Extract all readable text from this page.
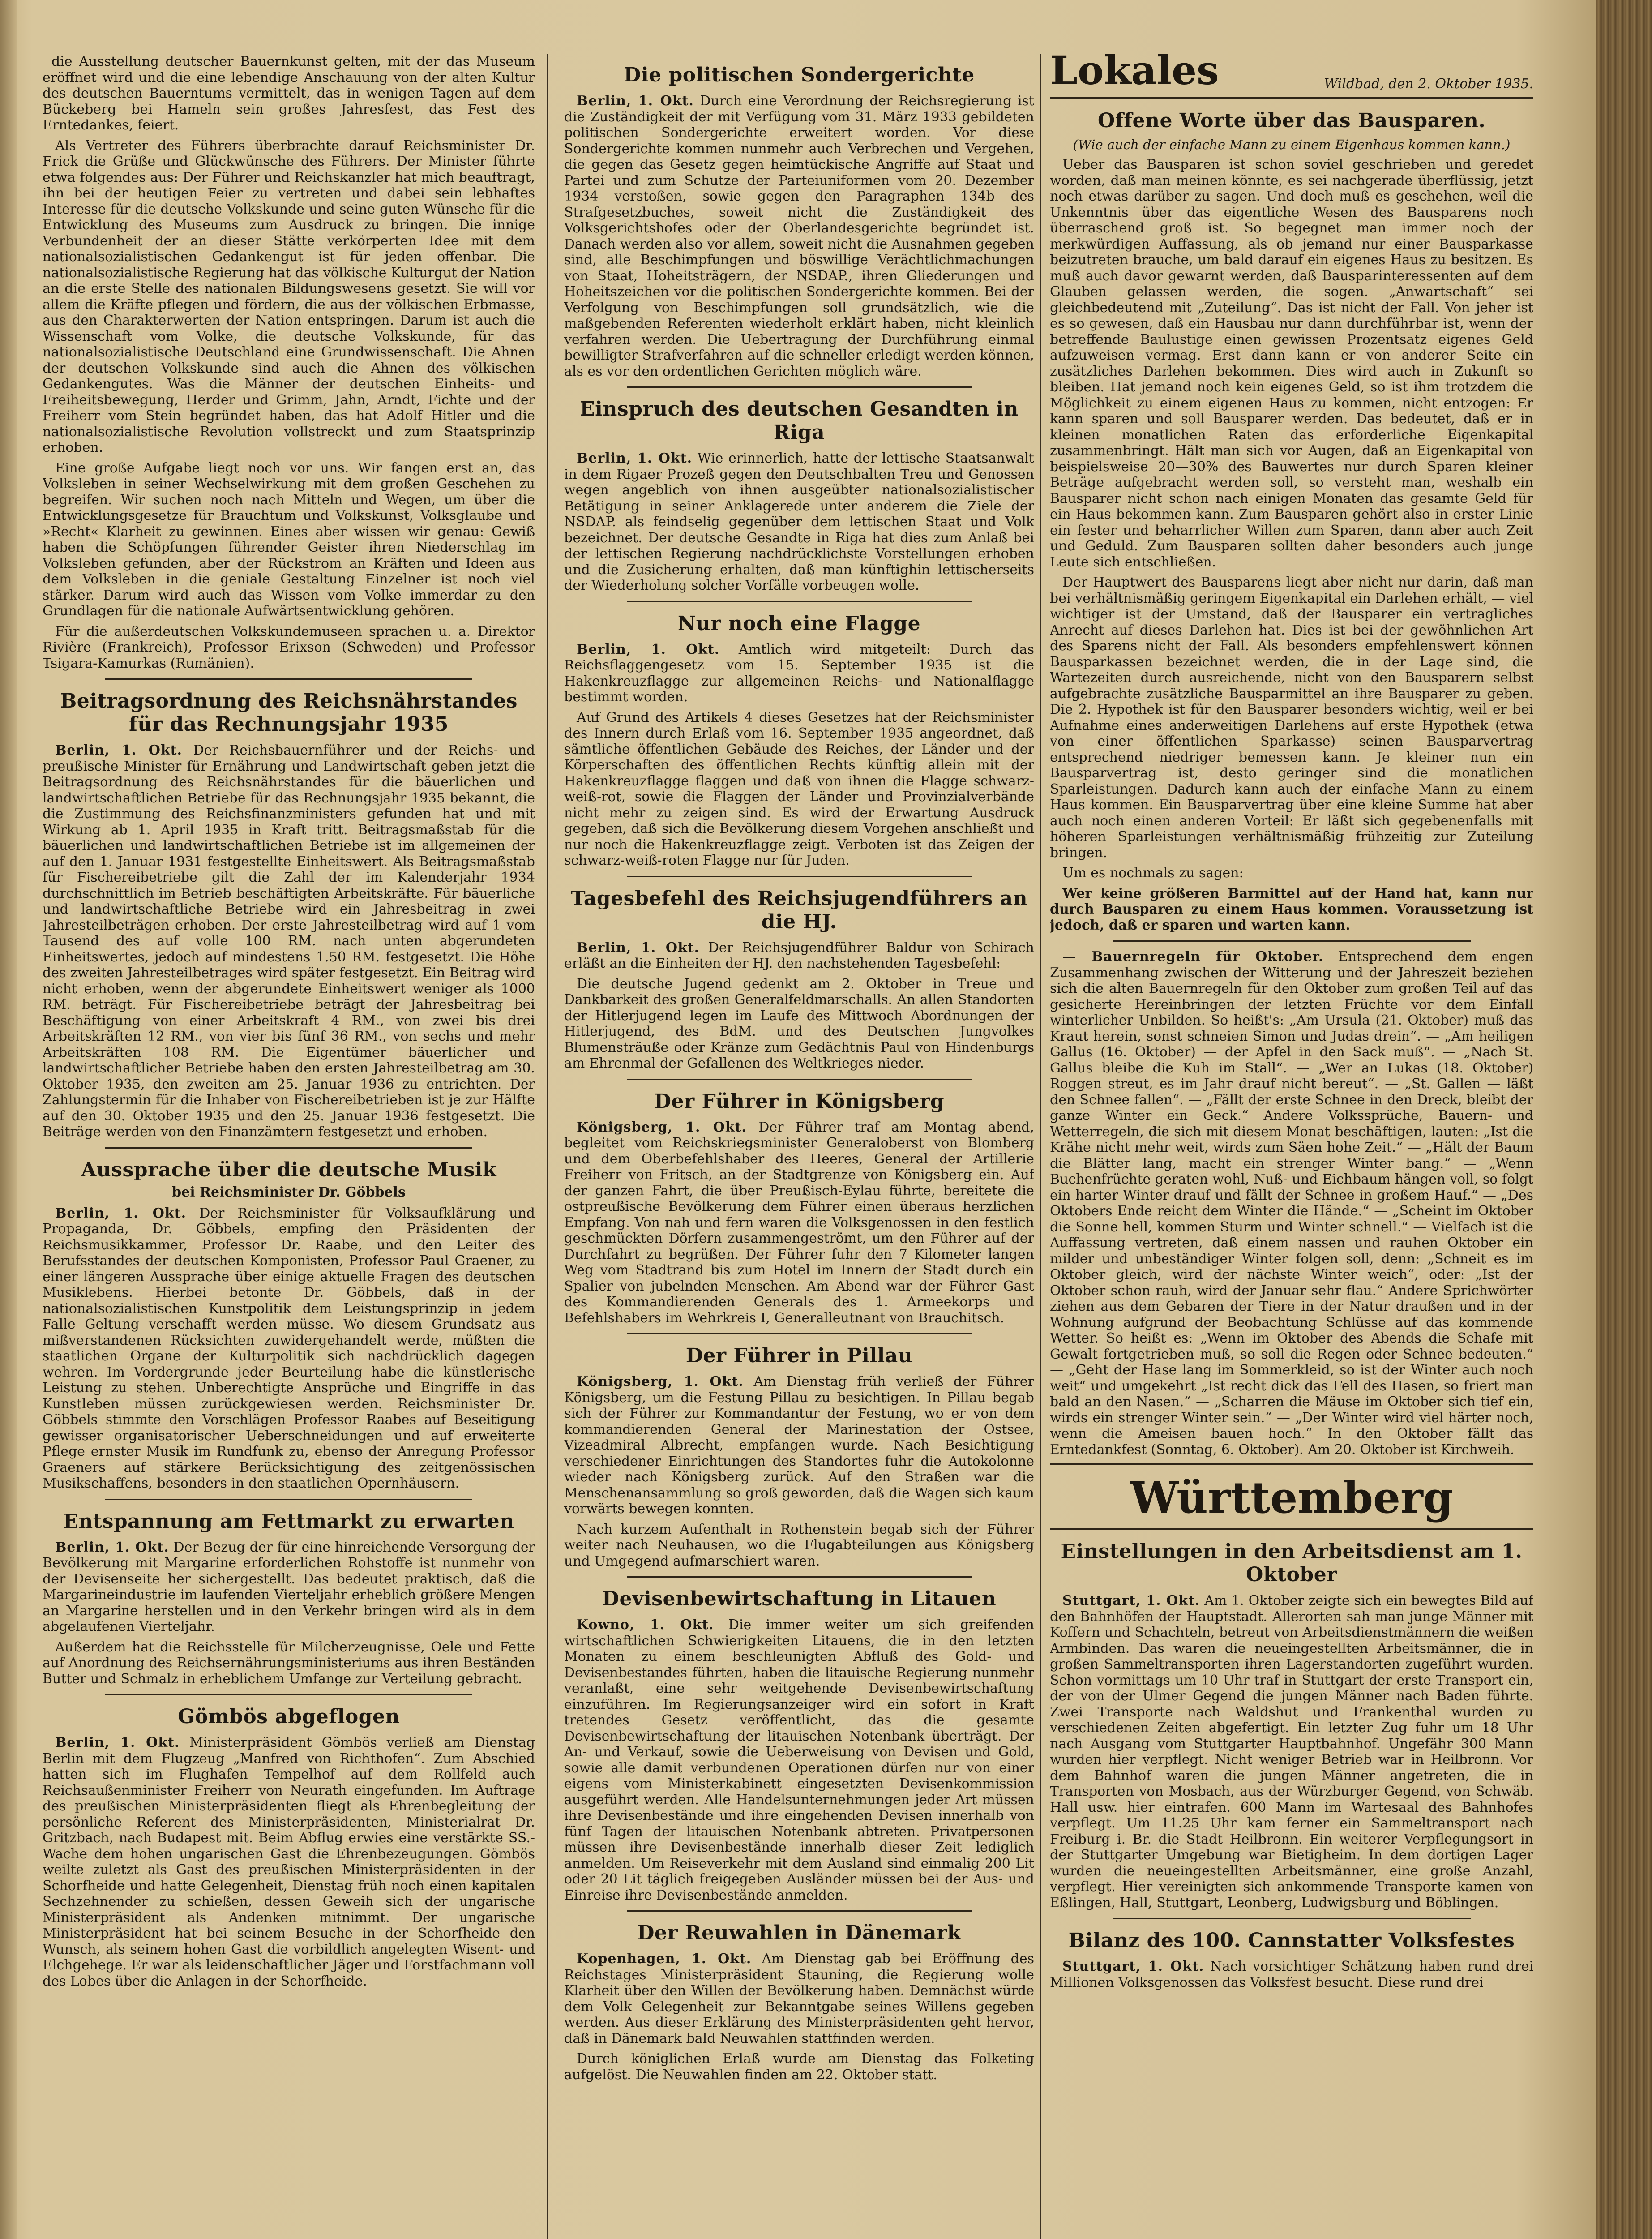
die Ausstellung deutscher Bauernkunst gelten, mit der das Museum eröffnet wird und die eine lebendige Anschauung von der alten Kultur des deutschen Bauerntums vermittelt, das in wenigen Tagen auf dem Bückeberg bei Hameln sein großes Jahresfest, das Fest des Erntedankes, feiert.

Als Vertreter des Führers überbrachte darauf Reichsminister Dr. Frick die Grüße und Glückwünsche des Führers. Der Minister führte etwa folgendes aus: Der Führer und Reichskanzler hat mich beauftragt, ihn bei der heutigen Feier zu vertreten und dabei sein lebhaftes Interesse für die deutsche Volkskunde und seine guten Wünsche für die Entwicklung des Museums zum Ausdruck zu bringen. Die innige Verbundenheit der an dieser Stätte verkörperten Idee mit dem nationalsozialistischen Gedankengut ist für jeden offenbar. Die nationalsozialistische Regierung hat das völkische Kulturgut der Nation an die erste Stelle des nationalen Bildungswesens gesetzt. Sie will vor allem die Kräfte pflegen und fördern, die aus der völkischen Erbmasse, aus den Charakterwerten der Nation entspringen. Darum ist auch die Wissenschaft vom Volke, die deutsche Volkskunde, für das nationalsozialistische Deutschland eine Grundwissenschaft. Die Ahnen der deutschen Volkskunde sind auch die Ahnen des völkischen Gedankengutes. Was die Männer der deutschen Einheits- und Freiheitsbewegung, Herder und Grimm, Jahn, Arndt, Fichte und der Freiherr vom Stein begründet haben, das hat Adolf Hitler und die nationalsozialistische Revolution vollstreckt und zum Staatsprinzip erhoben.

Eine große Aufgabe liegt noch vor uns. Wir fangen erst an, das Volksleben in seiner Wechselwirkung mit dem großen Geschehen zu begreifen. Wir suchen noch nach Mitteln und Wegen, um über die Entwicklungsgesetze für Brauchtum und Volkskunst, Volksglaube und »Recht« Klarheit zu gewinnen. Eines aber wissen wir genau: Gewiß haben die Schöpfungen führender Geister ihren Niederschlag im Volksleben gefunden, aber der Rückstrom an Kräften und Ideen aus dem Volksleben in die geniale Gestaltung Einzelner ist noch viel stärker. Darum wird auch das Wissen vom Volke immerdar zu den Grundlagen für die nationale Aufwärtsentwicklung gehören.

Für die außerdeutschen Volkskundemuseen sprachen u. a. Direktor Rivière (Frankreich), Professor Erixson (Schweden) und Professor Tsigara-Kamurkas (Rumänien).

Beitragsordnung des Reichsnährstandes für das Rechnungsjahr 1935

Berlin, 1. Okt. Der Reichsbauernführer und der Reichs- und preußische Minister für Ernährung und Landwirtschaft geben jetzt die Beitragsordnung des Reichsnährstandes für die bäuerlichen und landwirtschaftlichen Betriebe für das Rechnungsjahr 1935 bekannt, die die Zustimmung des Reichsfinanzministers gefunden hat und mit Wirkung ab 1. April 1935 in Kraft tritt. Beitragsmaßstab für die bäuerlichen und landwirtschaftlichen Betriebe ist im allgemeinen der auf den 1. Januar 1931 festgestellte Einheitswert. Als Beitragsmaßstab für Fischereibetriebe gilt die Zahl der im Kalenderjahr 1934 durchschnittlich im Betrieb beschäftigten Arbeitskräfte. Für bäuerliche und landwirtschaftliche Betriebe wird ein Jahresbeitrag in zwei Jahresteilbeträgen erhoben. Der erste Jahresteilbetrag wird auf 1 vom Tausend des auf volle 100 RM. nach unten abgerundeten Einheitswertes, jedoch auf mindestens 1.50 RM. festgesetzt. Die Höhe des zweiten Jahresteilbetrages wird später festgesetzt. Ein Beitrag wird nicht erhoben, wenn der abgerundete Einheitswert weniger als 1000 RM. beträgt. Für Fischereibetriebe beträgt der Jahresbeitrag bei Beschäftigung von einer Arbeitskraft 4 RM., von zwei bis drei Arbeitskräften 12 RM., von vier bis fünf 36 RM., von sechs und mehr Arbeitskräften 108 RM. Die Eigentümer bäuerlicher und landwirtschaftlicher Betriebe haben den ersten Jahresteilbetrag am 30. Oktober 1935, den zweiten am 25. Januar 1936 zu entrichten. Der Zahlungstermin für die Inhaber von Fischereibetrieben ist je zur Hälfte auf den 30. Oktober 1935 und den 25. Januar 1936 festgesetzt. Die Beiträge werden von den Finanzämtern festgesetzt und erhoben.

Aussprache über die deutsche Musik
bei Reichsminister Dr. Göbbels

Berlin, 1. Okt. Der Reichsminister für Volksaufklärung und Propaganda, Dr. Göbbels, empfing den Präsidenten der Reichsmusikkammer, Professor Dr. Raabe, und den Leiter des Berufsstandes der deutschen Komponisten, Professor Paul Graener, zu einer längeren Aussprache über einige aktuelle Fragen des deutschen Musiklebens. Hierbei betonte Dr. Göbbels, daß in der nationalsozialistischen Kunstpolitik dem Leistungsprinzip in jedem Falle Geltung verschafft werden müsse. Wo diesem Grundsatz aus mißverstandenen Rücksichten zuwidergehandelt werde, müßten die staatlichen Organe der Kulturpolitik sich nachdrücklich dagegen wehren. Im Vordergrunde jeder Beurteilung habe die künstlerische Leistung zu stehen. Unberechtigte Ansprüche und Eingriffe in das Kunstleben müssen zurückgewiesen werden. Reichsminister Dr. Göbbels stimmte den Vorschlägen Professor Raabes auf Beseitigung gewisser organisatorischer Ueberschneidungen und auf erweiterte Pflege ernster Musik im Rundfunk zu, ebenso der Anregung Professor Graeners auf stärkere Berücksichtigung des zeitgenössischen Musikschaffens, besonders in den staatlichen Opernhäusern.

Entspannung am Fettmarkt zu erwarten

Berlin, 1. Okt. Der Bezug der für eine hinreichende Versorgung der Bevölkerung mit Margarine erforderlichen Rohstoffe ist nunmehr von der Devisenseite her sichergestellt. Das bedeutet praktisch, daß die Margarineindustrie im laufenden Vierteljahr erheblich größere Mengen an Margarine herstellen und in den Verkehr bringen wird als in dem abgelaufenen Vierteljahr.

Außerdem hat die Reichsstelle für Milcherzeugnisse, Oele und Fette auf Anordnung des Reichsernährungsministeriums aus ihren Beständen Butter und Schmalz in erheblichem Umfange zur Verteilung gebracht.

Gömbös abgeflogen

Berlin, 1. Okt. Ministerpräsident Gömbös verließ am Dienstag Berlin mit dem Flugzeug „Manfred von Richthofen“. Zum Abschied hatten sich im Flughafen Tempelhof auf dem Rollfeld auch Reichsaußenminister Freiherr von Neurath eingefunden. Im Auftrage des preußischen Ministerpräsidenten fliegt als Ehrenbegleitung der persönliche Referent des Ministerpräsidenten, Ministerialrat Dr. Gritzbach, nach Budapest mit. Beim Abflug erwies eine verstärkte SS.-Wache dem hohen ungarischen Gast die Ehrenbezeugungen. Gömbös weilte zuletzt als Gast des preußischen Ministerpräsidenten in der Schorfheide und hatte Gelegenheit, Dienstag früh noch einen kapitalen Sechzehnender zu schießen, dessen Geweih sich der ungarische Ministerpräsident als Andenken mitnimmt. Der ungarische Ministerpräsident hat bei seinem Besuche in der Schorfheide den Wunsch, als seinem hohen Gast die vorbildlich angelegten Wisent- und Elchgehege. Er war als leidenschaftlicher Jäger und Forstfachmann voll des Lobes über die Anlagen in der Schorfheide.

Die politischen Sondergerichte

Berlin, 1. Okt. Durch eine Verordnung der Reichsregierung ist die Zuständigkeit der mit Verfügung vom 31. März 1933 gebildeten politischen Sondergerichte erweitert worden. Vor diese Sondergerichte kommen nunmehr auch Verbrechen und Vergehen, die gegen das Gesetz gegen heimtückische Angriffe auf Staat und Partei und zum Schutze der Parteiuniformen vom 20. Dezember 1934 verstoßen, sowie gegen den Paragraphen 134b des Strafgesetzbuches, soweit nicht die Zuständigkeit des Volksgerichtshofes oder der Oberlandesgerichte begründet ist. Danach werden also vor allem, soweit nicht die Ausnahmen gegeben sind, alle Beschimpfungen und böswillige Verächtlichmachungen von Staat, Hoheitsträgern, der NSDAP., ihren Gliederungen und Hoheitszeichen vor die politischen Sondergerichte kommen. Bei der Verfolgung von Beschimpfungen soll grundsätzlich, wie die maßgebenden Referenten wiederholt erklärt haben, nicht kleinlich verfahren werden. Die Uebertragung der Durchführung einmal bewilligter Strafverfahren auf die schneller erledigt werden können, als es vor den ordentlichen Gerichten möglich wäre.

Einspruch des deutschen Gesandten in Riga

Berlin, 1. Okt. Wie erinnerlich, hatte der lettische Staatsanwalt in dem Rigaer Prozeß gegen den Deutschbalten Treu und Genossen wegen angeblich von ihnen ausgeübter nationalsozialistischer Betätigung in seiner Anklagerede unter anderem die Ziele der NSDAP. als feindselig gegenüber dem lettischen Staat und Volk bezeichnet. Der deutsche Gesandte in Riga hat dies zum Anlaß bei der lettischen Regierung nachdrücklichste Vorstellungen erhoben und die Zusicherung erhalten, daß man künftighin lettischerseits der Wiederholung solcher Vorfälle vorbeugen wolle.

Nur noch eine Flagge

Berlin, 1. Okt. Amtlich wird mitgeteilt: Durch das Reichsflaggengesetz vom 15. September 1935 ist die Hakenkreuzflagge zur allgemeinen Reichs- und Nationalflagge bestimmt worden.

Auf Grund des Artikels 4 dieses Gesetzes hat der Reichsminister des Innern durch Erlaß vom 16. September 1935 angeordnet, daß sämtliche öffentlichen Gebäude des Reiches, der Länder und der Körperschaften des öffentlichen Rechts künftig allein mit der Hakenkreuzflagge flaggen und daß von ihnen die Flagge schwarz-weiß-rot, sowie die Flaggen der Länder und Provinzialverbände nicht mehr zu zeigen sind. Es wird der Erwartung Ausdruck gegeben, daß sich die Bevölkerung diesem Vorgehen anschließt und nur noch die Hakenkreuzflagge zeigt. Verboten ist das Zeigen der schwarz-weiß-roten Flagge nur für Juden.

Tagesbefehl des Reichsjugendführers an die HJ.

Berlin, 1. Okt. Der Reichsjugendführer Baldur von Schirach erläßt an die Einheiten der HJ. den nachstehenden Tagesbefehl:

Die deutsche Jugend gedenkt am 2. Oktober in Treue und Dankbarkeit des großen Generalfeldmarschalls. An allen Standorten der Hitlerjugend legen im Laufe des Mittwoch Abordnungen der Hitlerjugend, des BdM. und des Deutschen Jungvolkes Blumensträuße oder Kränze zum Gedächtnis Paul von Hindenburgs am Ehrenmal der Gefallenen des Weltkrieges nieder.

Der Führer in Königsberg

Königsberg, 1. Okt. Der Führer traf am Montag abend, begleitet vom Reichskriegsminister Generaloberst von Blomberg und dem Oberbefehlshaber des Heeres, General der Artillerie Freiherr von Fritsch, an der Stadtgrenze von Königsberg ein. Auf der ganzen Fahrt, die über Preußisch-Eylau führte, bereitete die ostpreußische Bevölkerung dem Führer einen überaus herzlichen Empfang. Von nah und fern waren die Volksgenossen in den festlich geschmückten Dörfern zusammengeströmt, um den Führer auf der Durchfahrt zu begrüßen. Der Führer fuhr den 7 Kilometer langen Weg vom Stadtrand bis zum Hotel im Innern der Stadt durch ein Spalier von jubelnden Menschen. Am Abend war der Führer Gast des Kommandierenden Generals des 1. Armeekorps und Befehlshabers im Wehrkreis I, Generalleutnant von Brauchitsch.

Der Führer in Pillau

Königsberg, 1. Okt. Am Dienstag früh verließ der Führer Königsberg, um die Festung Pillau zu besichtigen. In Pillau begab sich der Führer zur Kommandantur der Festung, wo er von dem kommandierenden General der Marinestation der Ostsee, Vizeadmiral Albrecht, empfangen wurde. Nach Besichtigung verschiedener Einrichtungen des Standortes fuhr die Autokolonne wieder nach Königsberg zurück. Auf den Straßen war die Menschenansammlung so groß geworden, daß die Wagen sich kaum vorwärts bewegen konnten.

Nach kurzem Aufenthalt in Rothenstein begab sich der Führer weiter nach Neuhausen, wo die Flugabteilungen aus Königsberg und Umgegend aufmarschiert waren.

Devisenbewirtschaftung in Litauen

Kowno, 1. Okt. Die immer weiter um sich greifenden wirtschaftlichen Schwierigkeiten Litauens, die in den letzten Monaten zu einem beschleunigten Abfluß des Gold- und Devisenbestandes führten, haben die litauische Regierung nunmehr veranlaßt, eine sehr weitgehende Devisenbewirtschaftung einzuführen. Im Regierungsanzeiger wird ein sofort in Kraft tretendes Gesetz veröffentlicht, das die gesamte Devisenbewirtschaftung der litauischen Notenbank überträgt. Der An- und Verkauf, sowie die Ueberweisung von Devisen und Gold, sowie alle damit verbundenen Operationen dürfen nur von einer eigens vom Ministerkabinett eingesetzten Devisenkommission ausgeführt werden. Alle Handelsunternehmungen jeder Art müssen ihre Devisenbestände und ihre eingehenden Devisen innerhalb von fünf Tagen der litauischen Notenbank abtreten. Privatpersonen müssen ihre Devisenbestände innerhalb dieser Zeit lediglich anmelden. Um Reiseverkehr mit dem Ausland sind einmalig 200 Lit oder 20 Lit täglich freigegeben Ausländer müssen bei der Aus- und Einreise ihre Devisenbestände anmelden.

Der Reuwahlen in Dänemark

Kopenhagen, 1. Okt. Am Dienstag gab bei Eröffnung des Reichstages Ministerpräsident Stauning, die Regierung wolle Klarheit über den Willen der Bevölkerung haben. Demnächst würde dem Volk Gelegenheit zur Bekanntgabe seines Willens gegeben werden. Aus dieser Erklärung des Ministerpräsidenten geht hervor, daß in Dänemark bald Neuwahlen stattfinden werden.

Durch königlichen Erlaß wurde am Dienstag das Folketing aufgelöst. Die Neuwahlen finden am 22. Oktober statt.

Lokales	Wildbad, den 2. Oktober 1935.
Offene Worte über das Bausparen.
(Wie auch der einfache Mann zu einem Eigenhaus kommen kann.)

Ueber das Bausparen ist schon soviel geschrieben und geredet worden, daß man meinen könnte, es sei nachgerade überflüssig, jetzt noch etwas darüber zu sagen. Und doch muß es geschehen, weil die Unkenntnis über das eigentliche Wesen des Bausparens noch überraschend groß ist. So begegnet man immer noch der merkwürdigen Auffassung, als ob jemand nur einer Bausparkasse beizutreten brauche, um bald darauf ein eigenes Haus zu besitzen. Es muß auch davor gewarnt werden, daß Bausparinteressenten auf dem Glauben gelassen werden, die sogen. „Anwartschaft“ sei gleichbedeutend mit „Zuteilung“. Das ist nicht der Fall. Von jeher ist es so gewesen, daß ein Hausbau nur dann durchführbar ist, wenn der betreffende Baulustige einen gewissen Prozentsatz eigenes Geld aufzuweisen vermag. Erst dann kann er von anderer Seite ein zusätzliches Darlehen bekommen. Dies wird auch in Zukunft so bleiben. Hat jemand noch kein eigenes Geld, so ist ihm trotzdem die Möglichkeit zu einem eigenen Haus zu kommen, nicht entzogen: Er kann sparen und soll Bausparer werden. Das bedeutet, daß er in kleinen monatlichen Raten das erforderliche Eigenkapital zusammenbringt. Hält man sich vor Augen, daß an Eigenkapital von beispielsweise 20—30% des Bauwertes nur durch Sparen kleiner Beträge aufgebracht werden soll, so versteht man, weshalb ein Bausparer nicht schon nach einigen Monaten das gesamte Geld für ein Haus bekommen kann. Zum Bausparen gehört also in erster Linie ein fester und beharrlicher Willen zum Sparen, dann aber auch Zeit und Geduld. Zum Bausparen sollten daher besonders auch junge Leute sich entschließen.

Der Hauptwert des Bausparens liegt aber nicht nur darin, daß man bei verhältnismäßig geringem Eigenkapital ein Darlehen erhält, — viel wichtiger ist der Umstand, daß der Bausparer ein vertragliches Anrecht auf dieses Darlehen hat. Dies ist bei der gewöhnlichen Art des Sparens nicht der Fall. Als besonders empfehlenswert können Bausparkassen bezeichnet werden, die in der Lage sind, die Wartezeiten durch ausreichende, nicht von den Bausparern selbst aufgebrachte zusätzliche Bausparmittel an ihre Bausparer zu geben. Die 2. Hypothek ist für den Bausparer besonders wichtig, weil er bei Aufnahme eines anderweitigen Darlehens auf erste Hypothek (etwa von einer öffentlichen Sparkasse) seinen Bausparvertrag entsprechend niedriger bemessen kann. Je kleiner nun ein Bausparvertrag ist, desto geringer sind die monatlichen Sparleistungen. Dadurch kann auch der einfache Mann zu einem Haus kommen. Ein Bausparvertrag über eine kleine Summe hat aber auch noch einen anderen Vorteil: Er läßt sich gegebenenfalls mit höheren Sparleistungen verhältnismäßig frühzeitig zur Zuteilung bringen.

Um es nochmals zu sagen:

Wer keine größeren Barmittel auf der Hand hat, kann nur durch Bausparen zu einem Haus kommen. Voraussetzung ist jedoch, daß er sparen und warten kann.

— Bauernregeln für Oktober. Entsprechend dem engen Zusammenhang zwischen der Witterung und der Jahreszeit beziehen sich die alten Bauernregeln für den Oktober zum großen Teil auf das gesicherte Hereinbringen der letzten Früchte vor dem Einfall winterlicher Unbilden. So heißt's: „Am Ursula (21. Oktober) muß das Kraut herein, sonst schneien Simon und Judas drein“. — „Am heiligen Gallus (16. Oktober) — der Apfel in den Sack muß“. — „Nach St. Gallus bleibe die Kuh im Stall“. — „Wer an Lukas (18. Oktober) Roggen streut, es im Jahr drauf nicht bereut“. — „St. Gallen — läßt den Schnee fallen“. — „Fällt der erste Schnee in den Dreck, bleibt der ganze Winter ein Geck.“ Andere Volkssprüche, Bauern- und Wetterregeln, die sich mit diesem Monat beschäftigen, lauten: „Ist die Krähe nicht mehr weit, wirds zum Säen hohe Zeit.“ — „Hält der Baum die Blätter lang, macht ein strenger Winter bang.“ — „Wenn Buchenfrüchte geraten wohl, Nuß- und Eichbaum hängen voll, so folgt ein harter Winter drauf und fällt der Schnee in großem Hauf.“ — „Des Oktobers Ende reicht dem Winter die Hände.“ — „Scheint im Oktober die Sonne hell, kommen Sturm und Winter schnell.“ — Vielfach ist die Auffassung vertreten, daß einem nassen und rauhen Oktober ein milder und unbeständiger Winter folgen soll, denn: „Schneit es im Oktober gleich, wird der nächste Winter weich“, oder: „Ist der Oktober schon rauh, wird der Januar sehr flau.“ Andere Sprichwörter ziehen aus dem Gebaren der Tiere in der Natur draußen und in der Wohnung aufgrund der Beobachtung Schlüsse auf das kommende Wetter. So heißt es: „Wenn im Oktober des Abends die Schafe mit Gewalt fortgetrieben muß, so soll die Regen oder Schnee bedeuten.“ — „Geht der Hase lang im Sommerkleid, so ist der Winter auch noch weit“ und umgekehrt „Ist recht dick das Fell des Hasen, so friert man bald an den Nasen.“ — „Scharren die Mäuse im Oktober sich tief ein, wirds ein strenger Winter sein.“ — „Der Winter wird viel härter noch, wenn die Ameisen bauen hoch.“ In den Oktober fällt das Erntedankfest (Sonntag, 6. Oktober). Am 20. Oktober ist Kirchweih.

Württemberg
Einstellungen in den Arbeitsdienst am 1. Oktober

Stuttgart, 1. Okt. Am 1. Oktober zeigte sich ein bewegtes Bild auf den Bahnhöfen der Hauptstadt. Allerorten sah man junge Männer mit Koffern und Schachteln, betreut von Arbeitsdienstmännern die weißen Armbinden. Das waren die neueingestellten Arbeitsmänner, die in großen Sammeltransporten ihren Lagerstandorten zugeführt wurden. Schon vormittags um 10 Uhr traf in Stuttgart der erste Transport ein, der von der Ulmer Gegend die jungen Männer nach Baden führte. Zwei Transporte nach Waldshut und Frankenthal wurden zu verschiedenen Zeiten abgefertigt. Ein letzter Zug fuhr um 18 Uhr nach Ausgang vom Stuttgarter Hauptbahnhof. Ungefähr 300 Mann wurden hier verpflegt. Nicht weniger Betrieb war in Heilbronn. Vor dem Bahnhof waren die jungen Männer angetreten, die in Transporten von Mosbach, aus der Würzburger Gegend, von Schwäb. Hall usw. hier eintrafen. 600 Mann im Wartesaal des Bahnhofes verpflegt. Um 11.25 Uhr kam ferner ein Sammeltransport nach Freiburg i. Br. die Stadt Heilbronn. Ein weiterer Verpflegungsort in der Stuttgarter Umgebung war Bietigheim. In dem dortigen Lager wurden die neueingestellten Arbeitsmänner, eine große Anzahl, verpflegt. Hier vereinigten sich ankommende Transporte kamen von Eßlingen, Hall, Stuttgart, Leonberg, Ludwigsburg und Böblingen.

Bilanz des 100. Cannstatter Volksfestes

Stuttgart, 1. Okt. Nach vorsichtiger Schätzung haben rund drei Millionen Volksgenossen das Volksfest besucht. Diese rund drei
